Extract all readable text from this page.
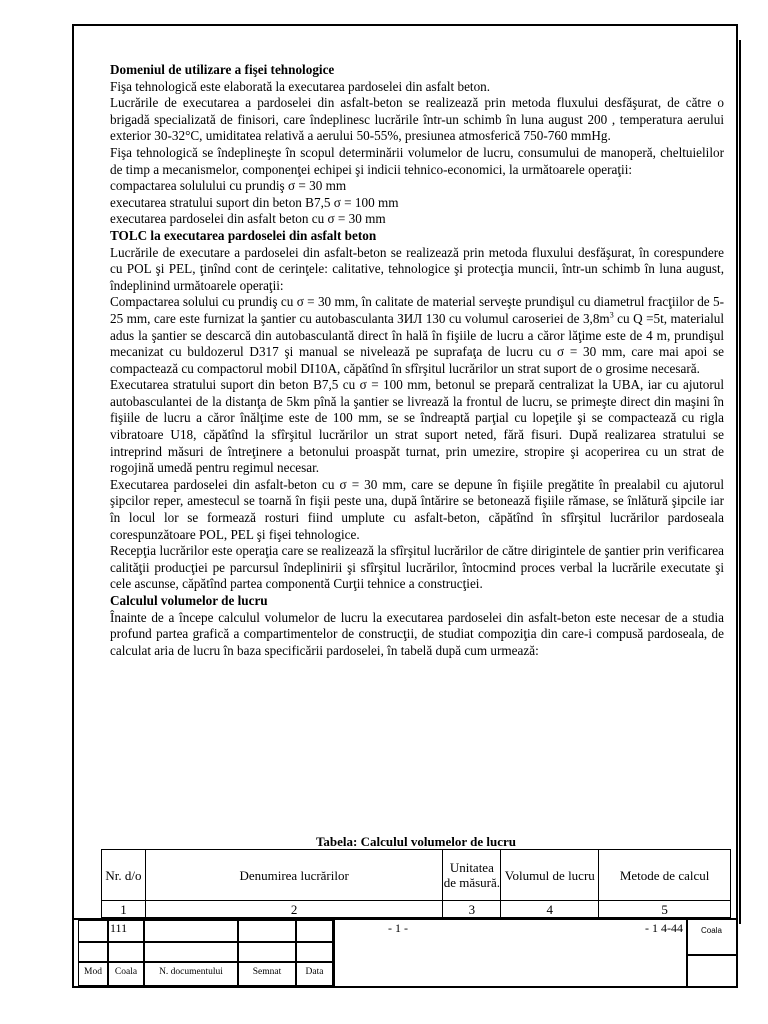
Domeniul de utilizare a fişei tehnologice

Fişa tehnologică este elaborată la executarea pardoselei din asfalt beton.

Lucrările de executarea a pardoselei din asfalt-beton se realizează prin metoda fluxului desfăşurat, de către o brigadă specializată de finisori, care îndeplinesc lucrările într-un schimb în luna august 200 , temperatura aerului exterior 30-32°C, umiditatea relativă a aerului 50-55%, presiunea atmosferică 750-760 mmHg.

Fişa tehnologică se îndeplineşte în scopul determinării volumelor de lucru, consumului de manoperă, cheltuielilor de timp a mecanismelor, componenţei echipei şi indicii tehnico-economici, la următoarele operaţii:

compactarea solulului cu prundiş σ = 30 mm

executarea stratului suport din beton B7,5 σ = 100 mm

executarea pardoselei din asfalt beton cu σ = 30 mm

TOLC la executarea pardoselei din asfalt beton

Lucrările de executare a pardoselei din asfalt-beton se realizează prin metoda fluxului desfăşurat, în corespundere cu POL şi PEL, ţinînd cont de cerinţele: calitative, tehnologice şi protecţia muncii, într-un schimb în luna august, îndeplinind următoarele operaţii:

Compactarea solului cu prundiş cu σ = 30 mm, în calitate de material serveşte prundişul cu diametrul fracţiilor de 5-25 mm, care este furnizat la şantier cu autobasculanta ЗИЛ 130 cu volumul caroseriei de $3,8m^3$ cu Q =5t, materialul adus la şantier se descarcă din autobasculantă direct în hală în fişiile de lucru a căror lăţime este de 4 m, prundişul mecanizat cu buldozerul D317 şi manual se nivelează pe suprafaţa de lucru cu σ = 30 mm, care mai apoi se compactează cu compactorul mobil DI10A, căpătînd în sfîrşitul lucrărilor un strat suport de o grosime necesară.

Executarea stratului suport din beton B7,5 cu σ = 100 mm, betonul se prepară centralizat la UBA, iar cu ajutorul autobasculantei de la distanţa de 5km pînă la şantier se livrează la frontul de lucru, se primeşte direct din maşini în fişiile de lucru a căror înălţime este de 100 mm, se se îndreaptă parţial cu lopeţile şi se compactează cu rigla vibratoare U18, căpătînd la sfîrşitul lucrărilor un strat suport neted, fără fisuri. După realizarea stratului se intreprind măsuri de întreţinere a betonului proaspăt turnat, prin umezire, stropire şi acoperirea cu un strat de rogojină umedă pentru regimul necesar.

Executarea pardoselei din asfalt-beton cu σ = 30 mm, care se depune în fişiile pregătite în prealabil cu ajutorul şipcilor reper, amestecul se toarnă în fişii peste una, după întărire se betonează fişiile rămase, se înlătură şipcile iar în locul lor se formează rosturi fiind umplute cu asfalt-beton, căpătînd în sfîrşitul lucrărilor pardoseala corespunzătoare POL, PEL şi fişei tehnologice.

Recepţia lucrărilor este operaţia care se realizează la sfîrşitul lucrărilor de către dirigintele de şantier prin verificarea calităţii producţiei pe parcursul îndeplinirii şi sfîrşitul lucrărilor, întocmind proces verbal la lucrările executate şi cele ascunse, căpătînd partea componentă Curţii tehnice a construcţiei.

Calculul volumelor de lucru

Înainte de a începe calculul volumelor de lucru la executarea pardoselei din asfalt-beton este necesar de a studia profund partea grafică a compartimentelor de construcţii, de studiat compoziţia din care-i compusă pardoseala, de calculat aria de lucru în baza specificării pardoselei, în tabelă după cum urmează:

Tabela: Calculul volumelor de lucru
Nr. d/o	Denumirea lucrărilor	Unitatea de măsură.	Volumul de lucru	Metode de calcul
1	2	3	4	5
111	- 1 -	- 1 4-44 Coala
Mod	Coala	N. documentului	Semnat	Data
